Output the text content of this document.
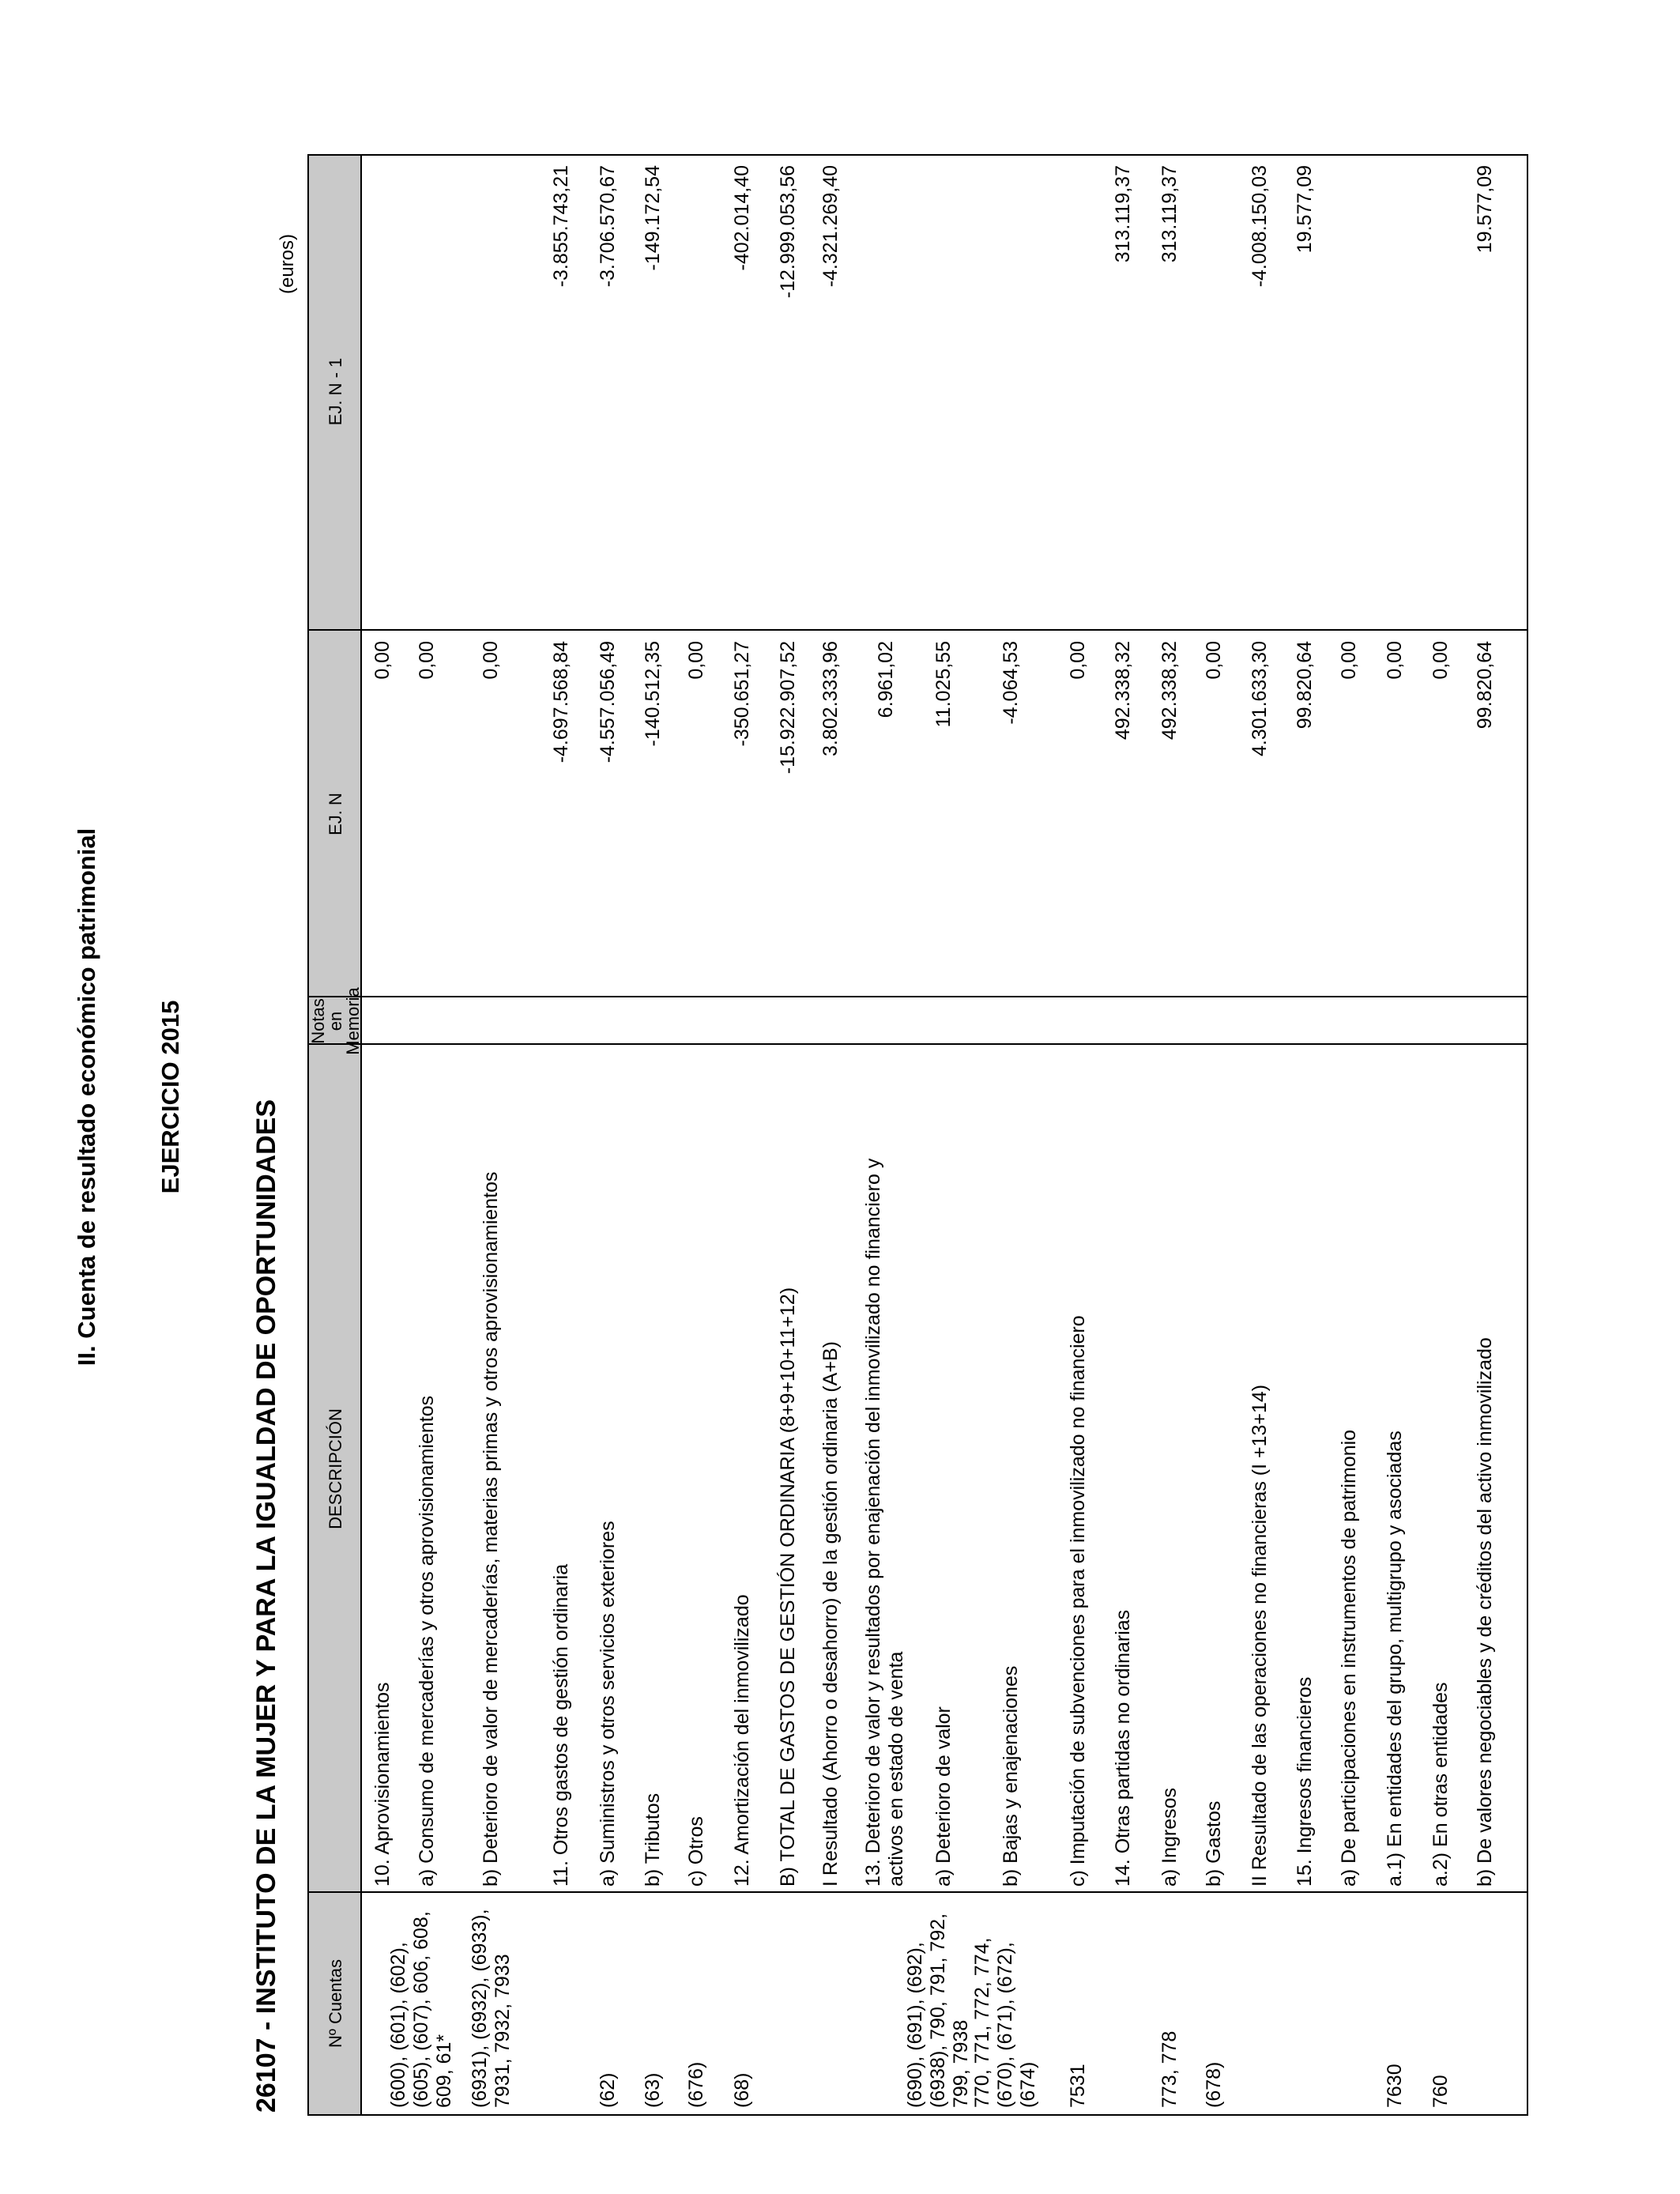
II. Cuenta de resultado económico patrimonial EJERCICIO 2015
26107 - INSTITUTO DE LA MUJER Y PARA LA IGUALDAD DE OPORTUNIDADES
(euros)
Nº Cuentas
DESCRIPCIÓN
Notas en
Memoria
EJ. N
EJ. N - 1
10. Aprovisionamientos
0,00
(600), (601), (602), (605), (607), 606, 608, 609, 61*
a) Consumo de mercaderías y otros aprovisionamientos
0,00
(6931), (6932), (6933), 7931, 7932, 7933
b) Deterioro de valor de mercaderías, materias primas y otros aprovisionamientos
0,00
11. Otros gastos de gestión ordinaria
-4.697.568,84
-3.855.743,21
(62)
a) Suministros y otros servicios exteriores
-4.557.056,49
-3.706.570,67
(63)
b) Tributos
-140.512,35
-149.172,54
(676)
c) Otros
0,00
(68)
12. Amortización del inmovilizado
-350.651,27
-402.014,40
B) TOTAL DE GASTOS DE GESTIÓN ORDINARIA (8+9+10+11+12)
-15.922.907,52
-12.999.053,56
I Resultado (Ahorro o desahorro) de la gestión ordinaria (A+B)
3.802.333,96
-4.321.269,40
13. Deterioro de valor y resultados por enajenación del inmovilizado no financiero y activos en estado de venta
6.961,02
(690), (691), (692), (6938), 790, 791, 792, 799, 7938
a) Deterioro de valor
11.025,55
770, 771, 772, 774, (670), (671), (672), (674)
b) Bajas y enajenaciones
-4.064,53
7531
c) Imputación de subvenciones para el inmovilizado no financiero
0,00
14. Otras partidas no ordinarias
492.338,32
313.119,37
773, 778
a) Ingresos
492.338,32
313.119,37
(678)
b) Gastos
0,00
II Resultado de las operaciones no financieras (I +13+14)
4.301.633,30
-4.008.150,03
15. Ingresos financieros
99.820,64
19.577,09
a) De participaciones en instrumentos de patrimonio
0,00
7630
a.1) En entidades del grupo, multigrupo y asociadas
0,00
760
a.2) En otras entidades
0,00
b) De valores negociables y de créditos del activo inmovilizado
99.820,64
19.577,09
